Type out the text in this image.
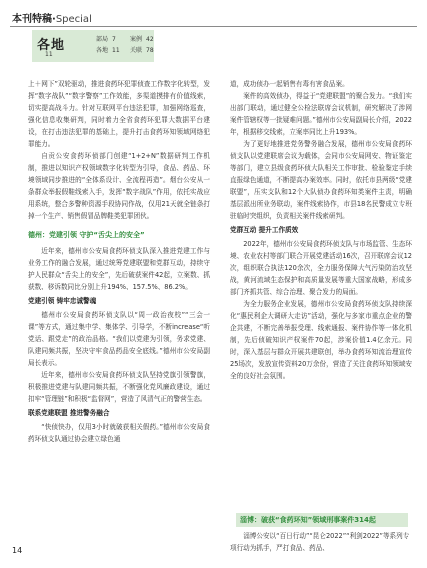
本刊特稿·Special
各地
11
部局 7 案例 42
各地 11 关联 78

上＋网下”双轮驱动，推进食药环犯罪侦查工作数字化转型，发挥“数字战队”“数字警察”工作效能，多渠道摸排有价值线索，切实提高战斗力。针对互联网平台违法犯罪，加强网络巡查，强化信息收集研判，同时着力全省食药环犯罪大数据平台建设，在打击违法犯罪的基础上，提升打击食药环知领域网络犯罪能力。

自贡公安食药环侦部门创建“1+2+N”数据研判工作机制，推进以知识产权领域数字化转型为引导，食品、药品、环境领域同步推进的“全体系设计、全流程再造”。烟台公安从一条群众举报假鞋线索入手，发挥“数字战队”作用，依托实战应用系统，整合多警种资源手段协同作战，仅用21天就全链条打掉一个生产、销售假冒品牌鞋类犯罪团伙。

德州：党建引领 守护“舌尖上的安全”

近年来，德州市公安局食药环侦支队深入推进党建工作与业务工作的融合发展，通过统筹党建联盟和党群互动，持续守护人民群众“舌尖上的安全”，先后破获案件42起，立案数、抓获数、移诉数同比分别上升194%、157.5%、86.2%。

党建引领 铸牢忠诚警魂

德州市公安局食药环侦支队以“周一政治夜校”“三会一课”等方式，通过集中学、集体学、引导学，不断increase“听党话、跟党走”的政治品格。“我们以党建为引领，务求党建、队建同频共振，坚决守牢食品药品安全底线。”德州市公安局副局长表示。

近年来，德州市公安局食药环侦支队坚持党旗引领警旗，积极推进党建与队建同频共振，不断强化党风廉政建设，通过扣牢“管理链”和积极“监督网”，营造了风清气正的警营生态。

联系党建联盟 推进警务融合

“快侦快办，仅用3小时就破获相关假药。”德州市公安局食药环侦支队通过协会建立绿色通

道，成功侦办一起销售有毒有害食品案。

案件的高效侦办，得益于“党建联盟”的聚合发力。“我们实出部门联动，通过健全公检法联席会议机制，研究解决了涉网案件管辖权等一批疑难问题。”德州市公安局副局长介绍，2022年，根据移交线索，立案率同比上升193%。

为了更好地推进党务警务融合发展，德州市公安局食药环侦支队以党建联席会议为载体，会同市公安局网安、物证鉴定等部门，建立县级食药环侦大队相关工作审批、检验鉴定手续直报绿色通道，不断提高办案效率。同时，依托市县两级“党建联盟”，压实支队和12个大队侦办食药环知类案件主责，明确基层派出所业务联动，案件线索协作，市县18名民警成立专班驻临时突组织，负责相关案件线索研判。

党群互动 提升工作质效

2022年，德州市公安局食药环侦支队与市场监管、生态环境、农业农村等部门联合开展党建活动16次，召开联席会议12次，组织联合执法120余次，全力服务保障大气污染防治攻坚战，黄河流域生态保护和高质量发展等重大国家战略，形成多部门齐抓共管、综合治理、聚合发力的局面。

为全力服务企业发展，德州市公安局食药环侦支队持续深化“惠民利企大调研大走访”活动，强化与多家市重点企业的警企共建，不断完善举报受理、线索通报、案件协作等一体化机制，先后侦破知识产权案件70起，涉案价值1.4亿余元。同时，深入基层与群众开展共建联创，举办食药环知流治理宣传25场次，发放宣传资料20万余份，营造了关注食药环知领域安全的良好社会氛围。

淄博：破获“食药环知”领域刑事案件314起
淄博公安以“百日行动”“昆仑2022”“利剑2022”等系列专项行动为抓手，严打食品、药品、
14
